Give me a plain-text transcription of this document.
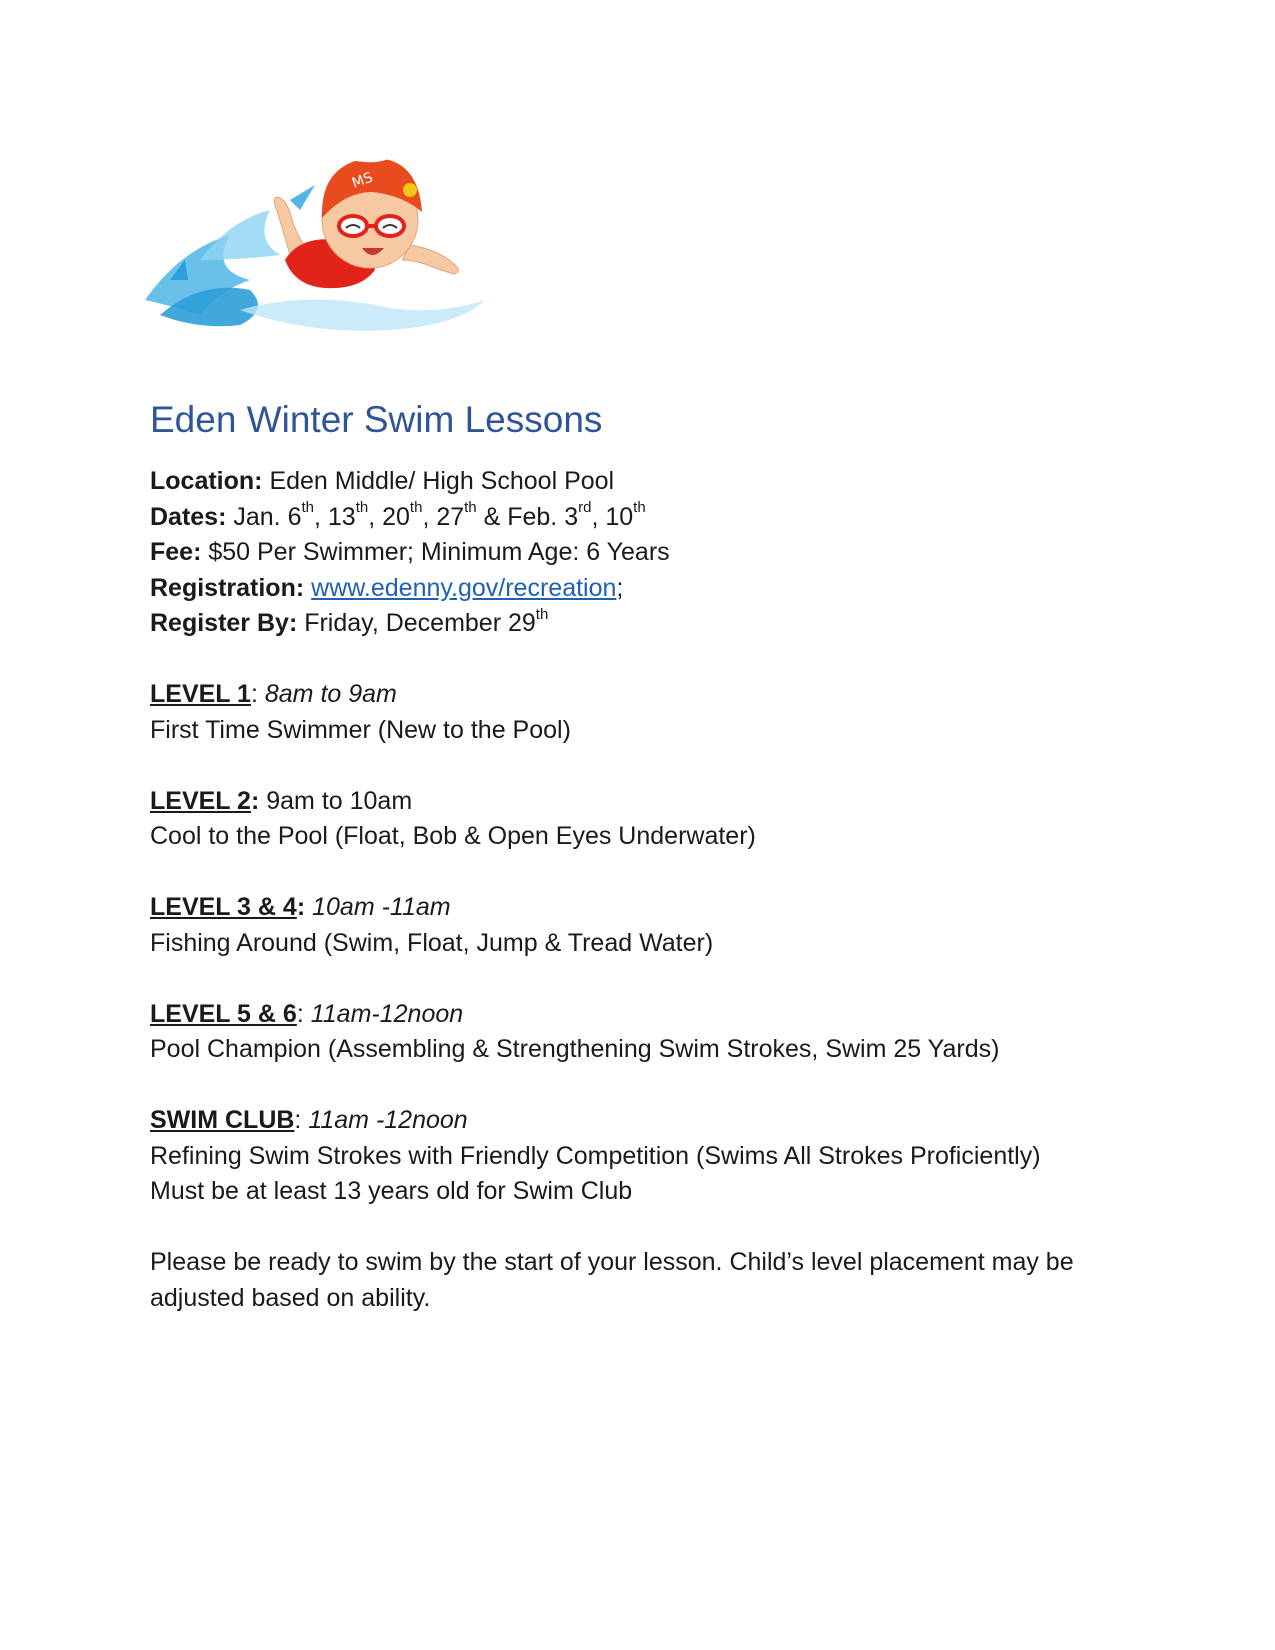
MS
Eden Winter Swim Lessons
Location: Eden Middle/ High School Pool
Dates: Jan. 6th, 13th, 20th, 27th & Feb. 3rd, 10th
Fee: $50 Per Swimmer; Minimum Age: 6 Years
Registration: www.edenny.gov/recreation;
Register By: Friday, December 29th
LEVEL 1: 8am to 9am
First Time Swimmer (New to the Pool)
LEVEL 2: 9am to 10am
Cool to the Pool (Float, Bob & Open Eyes Underwater)
LEVEL 3 & 4: 10am -11am
Fishing Around (Swim, Float, Jump & Tread Water)
LEVEL 5 & 6: 11am-12noon
Pool Champion (Assembling & Strengthening Swim Strokes, Swim 25 Yards)
SWIM CLUB: 11am -12noon
Refining Swim Strokes with Friendly Competition (Swims All Strokes Proficiently)
Must be at least 13 years old for Swim Club
Please be ready to swim by the start of your lesson. Child’s level placement may be adjusted based on ability.
